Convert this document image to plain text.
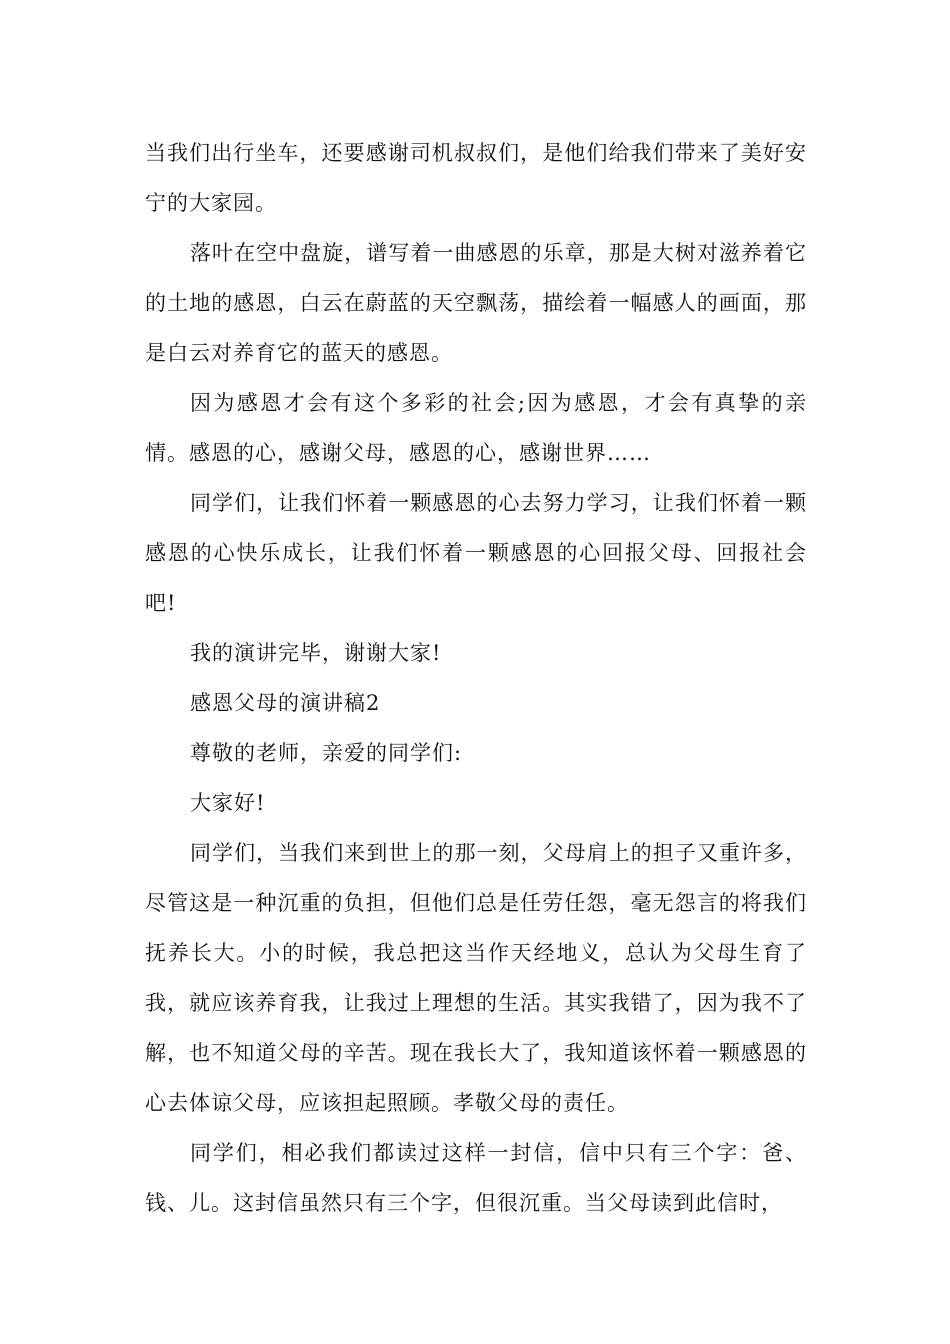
当我们出行坐车，还要感谢司机叔叔们，是他们给我们带来了美好安宁的大家园。

落叶在空中盘旋，谱写着一曲感恩的乐章，那是大树对滋养着它的土地的感恩，白云在蔚蓝的天空飘荡，描绘着一幅感人的画面，那是白云对养育它的蓝天的感恩。

因为感恩才会有这个多彩的社会;因为感恩，才会有真挚的亲情。感恩的心，感谢父母，感恩的心，感谢世界……

同学们，让我们怀着一颗感恩的心去努力学习，让我们怀着一颗感恩的心快乐成长，让我们怀着一颗感恩的心回报父母、回报社会吧!

我的演讲完毕，谢谢大家!

感恩父母的演讲稿2

尊敬的老师，亲爱的同学们:

大家好!

同学们，当我们来到世上的那一刻，父母肩上的担子又重许多，尽管这是一种沉重的负担，但他们总是任劳任怨，毫无怨言的将我们抚养长大。小的时候，我总把这当作天经地义，总认为父母生育了我，就应该养育我，让我过上理想的生活。其实我错了，因为我不了解，也不知道父母的辛苦。现在我长大了，我知道该怀着一颗感恩的心去体谅父母，应该担起照顾。孝敬父母的责任。

同学们，相必我们都读过这样一封信，信中只有三个字：爸、钱、儿。这封信虽然只有三个字，但很沉重。当父母读到此信时，
